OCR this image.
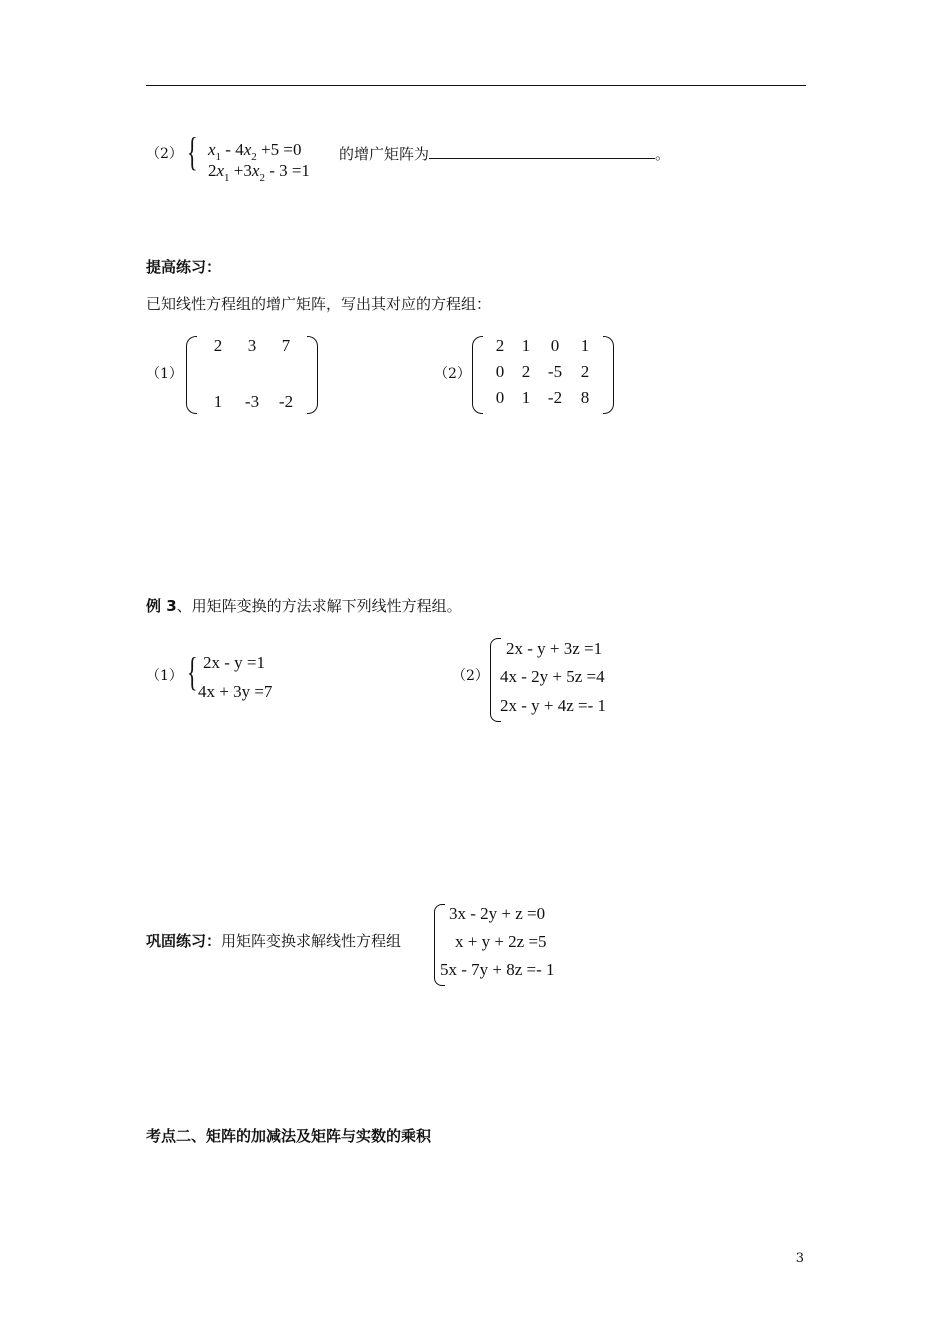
（2） { $x_1 - 4x_2 +5 =0$
$2x_1 +3x_2 - 3 =1$
的增广矩阵为	。
提高练习：
已知线性方程组的增广矩阵，写出其对应的方程组：
（1）
2	3	7
1	-3	-2
（2）
2	1	0	1
0	2	-5	2
0	1	-2	8
例 3、用矩阵变换的方法求解下列线性方程组。
（1） { 2x - y =1
4x + 3y =7
（2）
2x - y + 3z =1
4x - 2y + 5z =4
2x - y + 4z =- 1
巩固练习：用矩阵变换求解线性方程组
3x - 2y + z =0
x + y + 2z =5
5x - 7y + 8z =- 1
考点二、矩阵的加减法及矩阵与实数的乘积
3
